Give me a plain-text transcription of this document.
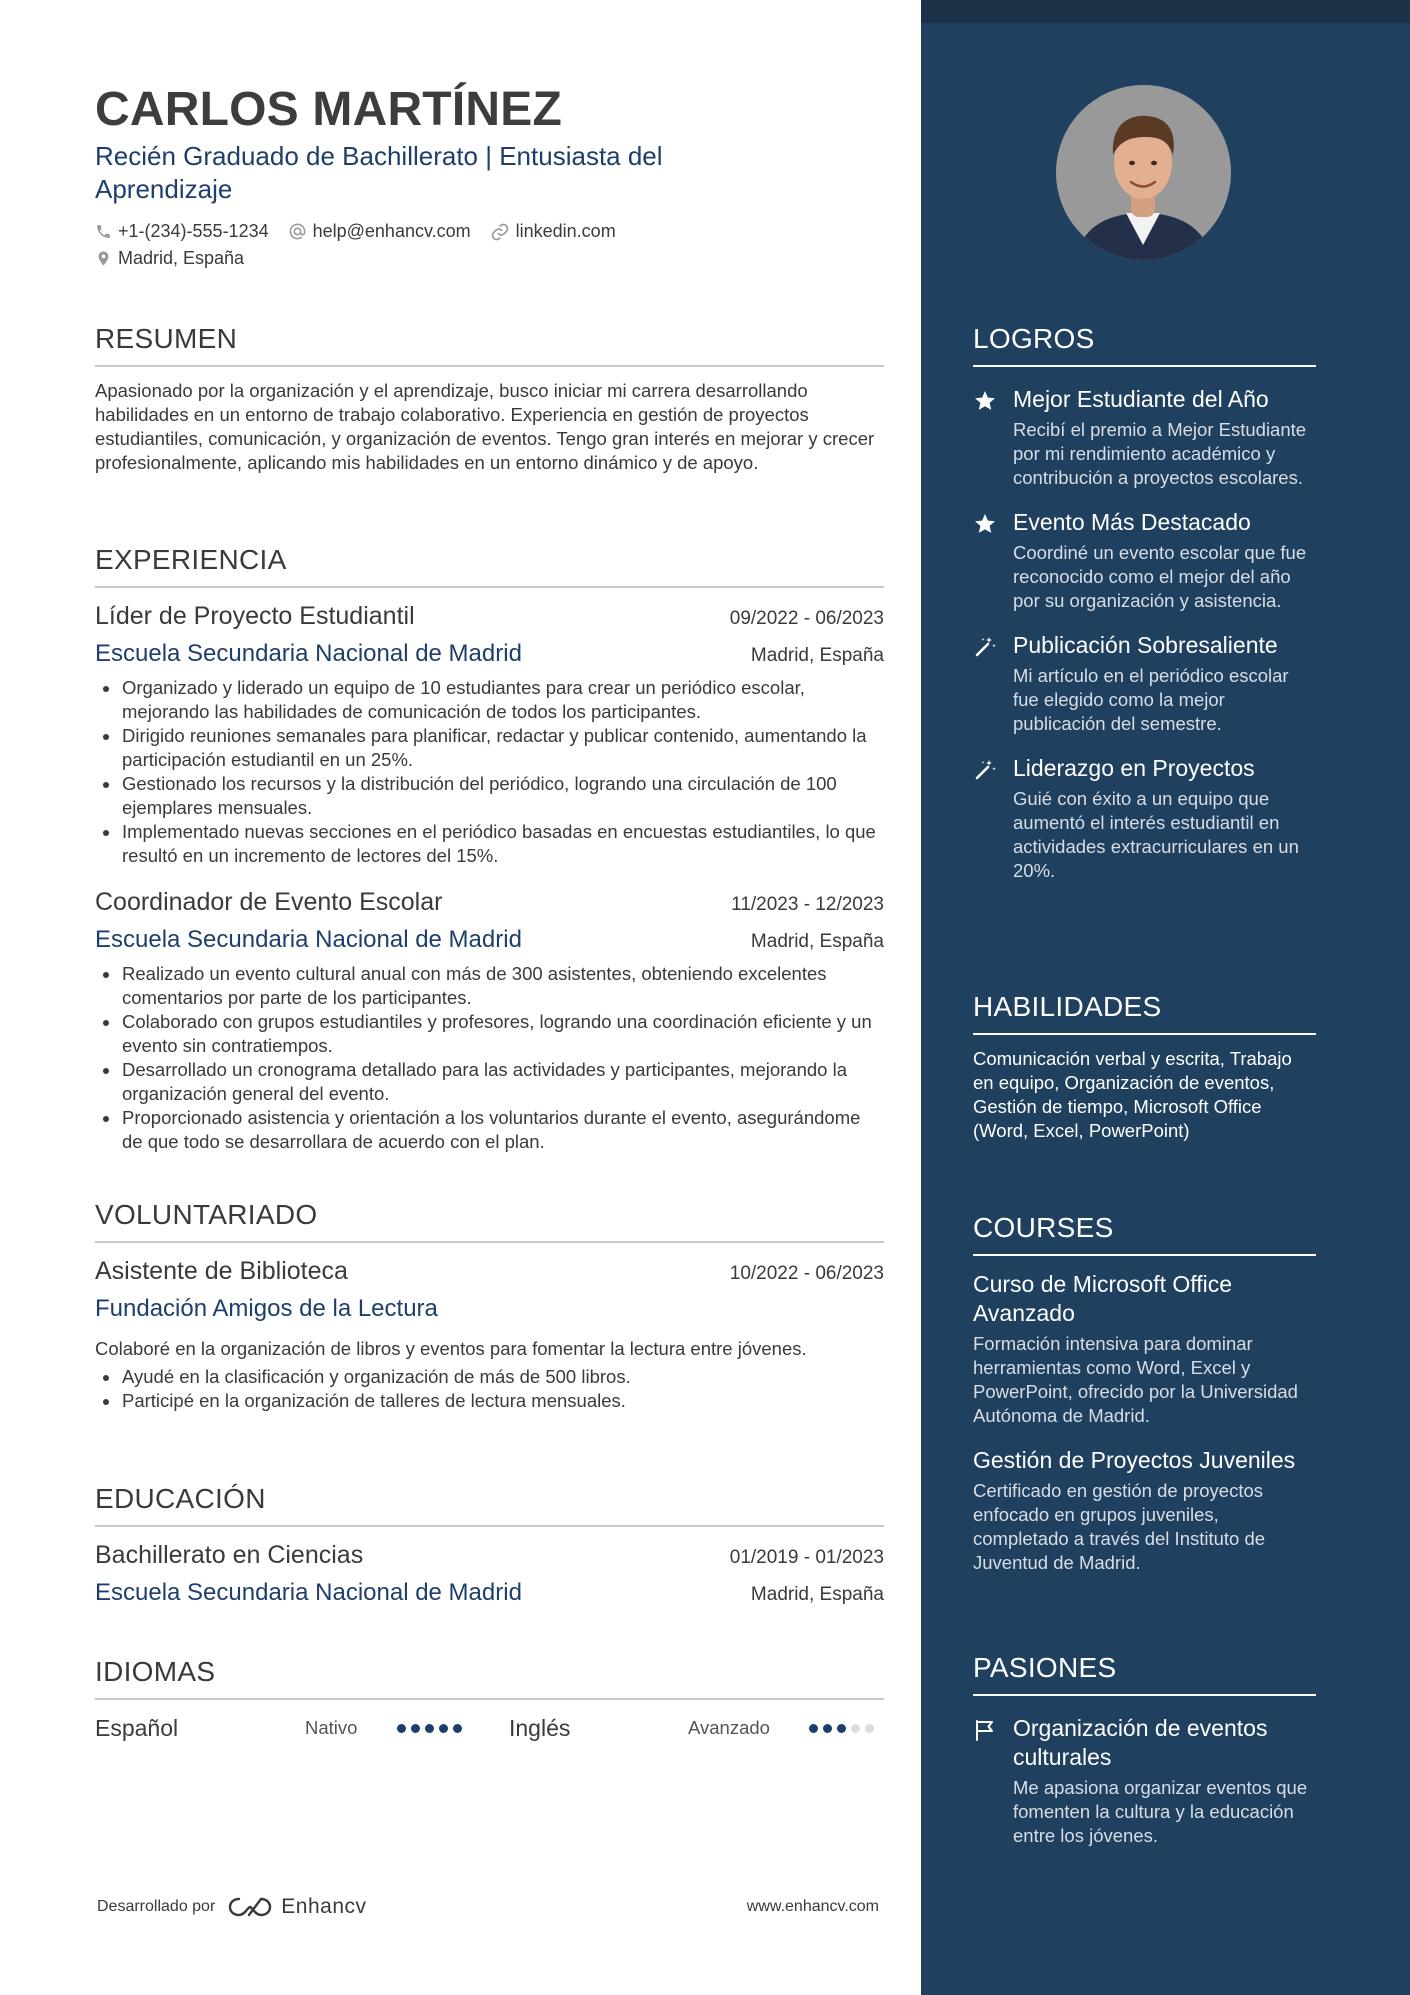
CARLOS MARTÍNEZ
Recién Graduado de Bachillerato | Entusiasta del Aprendizaje
+1-(234)-555-1234 help@enhancv.com	linkedin.com
Madrid, España
RESUMEN
Apasionado por la organización y el aprendizaje, busco iniciar mi carrera desarrollando habilidades en un entorno de trabajo colaborativo. Experiencia en gestión de proyectos estudiantiles, comunicación, y organización de eventos. Tengo gran interés en mejorar y crecer profesionalmente, aplicando mis habilidades en un entorno dinámico y de apoyo.
EXPERIENCIA
Líder de Proyecto Estudiantil	09/2022 - 06/2023
Escuela Secundaria Nacional de Madrid	Madrid, España
Organizado y liderado un equipo de 10 estudiantes para crear un periódico escolar, mejorando las habilidades de comunicación de todos los participantes.
Dirigido reuniones semanales para planificar, redactar y publicar contenido, aumentando la participación estudiantil en un 25%.
Gestionado los recursos y la distribución del periódico, logrando una circulación de 100 ejemplares mensuales.
Implementado nuevas secciones en el periódico basadas en encuestas estudiantiles, lo que resultó en un incremento de lectores del 15%.
Coordinador de Evento Escolar	11/2023 - 12/2023
Escuela Secundaria Nacional de Madrid	Madrid, España
Realizado un evento cultural anual con más de 300 asistentes, obteniendo excelentes comentarios por parte de los participantes.
Colaborado con grupos estudiantiles y profesores, logrando una coordinación eficiente y un evento sin contratiempos.
Desarrollado un cronograma detallado para las actividades y participantes, mejorando la organización general del evento.
Proporcionado asistencia y orientación a los voluntarios durante el evento, asegurándome de que todo se desarrollara de acuerdo con el plan.
VOLUNTARIADO
Asistente de Biblioteca	10/2022 - 06/2023
Fundación Amigos de la Lectura
Colaboré en la organización de libros y eventos para fomentar la lectura entre jóvenes.
Ayudé en la clasificación y organización de más de 500 libros.
Participé en la organización de talleres de lectura mensuales.
EDUCACIÓN
Bachillerato en Ciencias	01/2019 - 01/2023
Escuela Secundaria Nacional de Madrid	Madrid, España
IDIOMAS
Español	Nativo	Inglés	Avanzado
Desarrollado por	Enhancv	www.enhancv.com
LOGROS
Mejor Estudiante del Año
Recibí el premio a Mejor Estudiante por mi rendimiento académico y contribución a proyectos escolares.
Evento Más Destacado
Coordiné un evento escolar que fue reconocido como el mejor del año por su organización y asistencia.
Publicación Sobresaliente
Mi artículo en el periódico escolar fue elegido como la mejor publicación del semestre.
Liderazgo en Proyectos
Guié con éxito a un equipo que aumentó el interés estudiantil en actividades extracurriculares en un 20%.
HABILIDADES
Comunicación verbal y escrita, Trabajo en equipo, Organización de eventos, Gestión de tiempo, Microsoft Office (Word, Excel, PowerPoint)
COURSES
Curso de Microsoft Office Avanzado
Formación intensiva para dominar herramientas como Word, Excel y PowerPoint, ofrecido por la Universidad Autónoma de Madrid.
Gestión de Proyectos Juveniles
Certificado en gestión de proyectos enfocado en grupos juveniles, completado a través del Instituto de Juventud de Madrid.
PASIONES
Organización de eventos culturales
Me apasiona organizar eventos que fomenten la cultura y la educación entre los jóvenes.
